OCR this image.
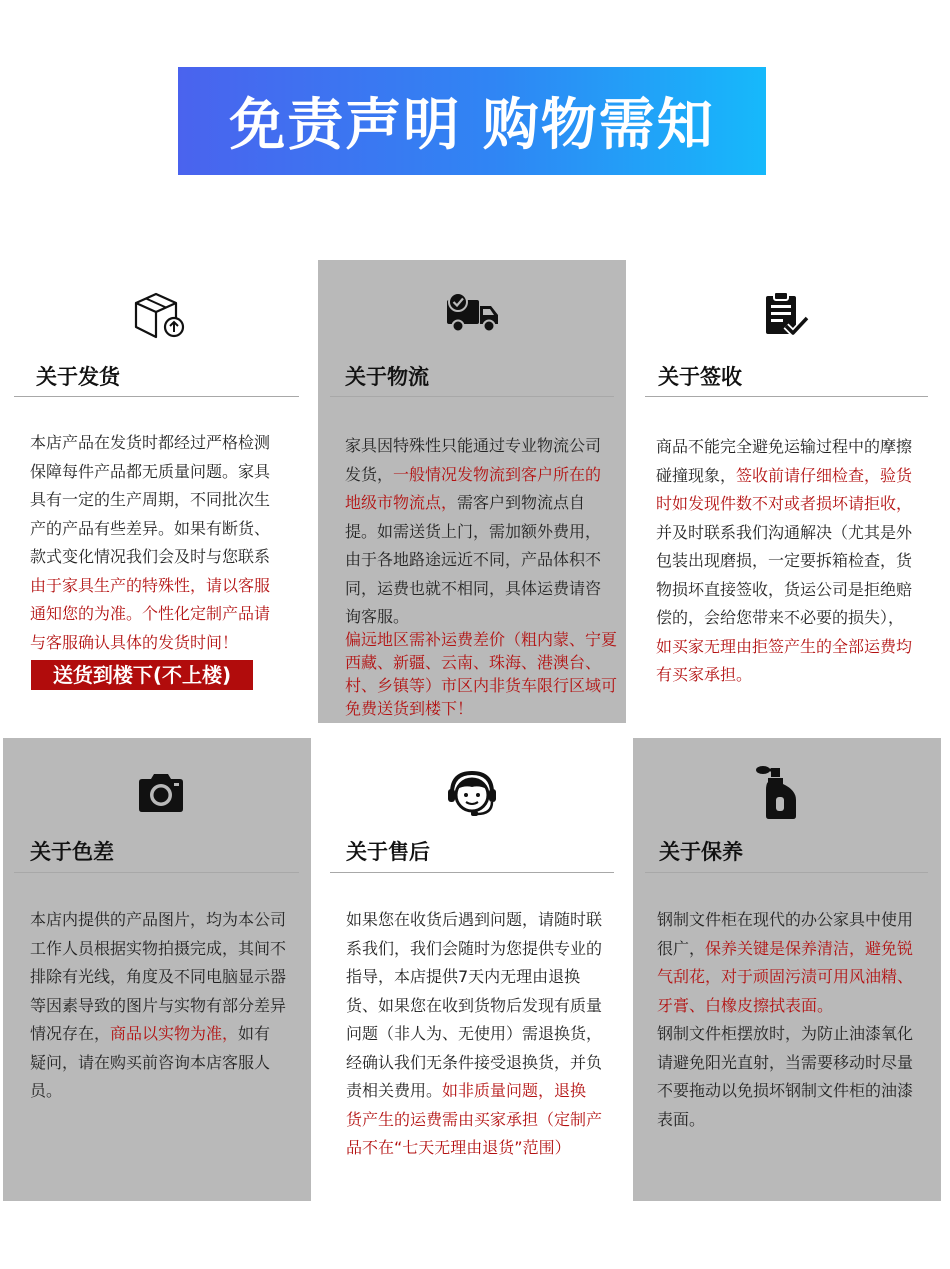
免责声明 购物需知
关于发货
本店产品在发货时都经过严格检测保障每件产品都无质量问题。家具具有一定的生产周期，不同批次生产的产品有些差异。如果有断货、款式变化情况我们会及时与您联系由于家具生产的特殊性，请以客服通知您的为准。个性化定制产品请与客服确认具体的发货时间！
送货到楼下(不上楼)
关于物流
家具因特殊性只能通过专业物流公司发货，一般情况发物流到客户所在的地级市物流点，需客户到物流点自提。如需送货上门，需加额外费用，由于各地路途远近不同，产品体积不同，运费也就不相同，具体运费请咨询客服。
偏远地区需补运费差价（粗内蒙、宁夏西藏、新疆、云南、珠海、港澳台、村、乡镇等）市区内非货车限行区域可免费送货到楼下！
关于签收
商品不能完全避免运输过程中的摩擦碰撞现象，签收前请仔细检查，验货时如发现件数不对或者损坏请拒收，并及时联系我们沟通解决（尤其是外包装出现磨损，一定要拆箱检查，货物损坏直接签收，货运公司是拒绝赔偿的，会给您带来不必要的损失），如买家无理由拒签产生的全部运费均有买家承担。
关于色差
本店内提供的产品图片，均为本公司工作人员根据实物拍摄完成，其间不排除有光线，角度及不同电脑显示器等因素导致的图片与实物有部分差异情况存在，商品以实物为准，如有疑问，请在购买前咨询本店客服人员。
关于售后
如果您在收货后遇到问题，请随时联系我们，我们会随时为您提供专业的指导，本店提供7天内无理由退换货、如果您在收到货物后发现有质量问题（非人为、无使用）需退换货，经确认我们无条件接受退换货，并负责相关费用。如非质量问题，退换货产生的运费需由买家承担（定制产品不在“七天无理由退货”范围）
关于保养
钢制文件柜在现代的办公家具中使用很广，保养关键是保养清洁，避免锐气刮花，对于顽固污渍可用风油精、牙膏、白橡皮擦拭表面。
钢制文件柜摆放时，为防止油漆氧化请避免阳光直射，当需要移动时尽量不要拖动以免损坏钢制文件柜的油漆表面。
